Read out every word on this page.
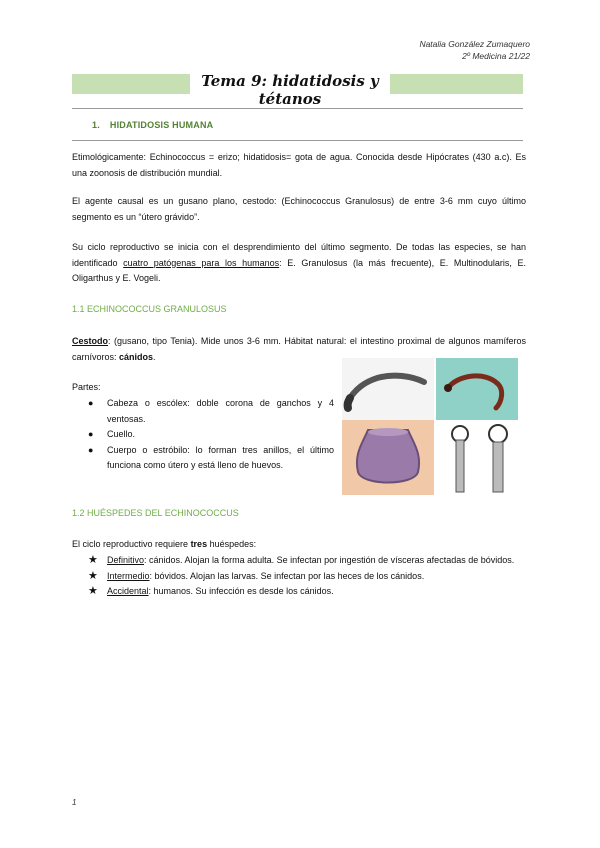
Natalia González Zumaquero
2º Medicina 21/22
Tema 9: hidatidosis y tétanos
1. HIDATIDOSIS HUMANA
Etimológicamente: Echinococcus = erizo; hidatidosis= gota de agua. Conocida desde Hipócrates (430 a.c). Es una zoonosis de distribución mundial.
El agente causal es un gusano plano, cestodo: (Echinococcus Granulosus) de entre 3-6 mm cuyo último segmento es un “útero grávido”.
Su ciclo reproductivo se inicia con el desprendimiento del último segmento. De todas las especies, se han identificado cuatro patógenas para los humanos: E. Granulosus (la más frecuente), E. Multinodularis, E. Oligarthus y E. Vogeli.
1.1 ECHINOCOCCUS GRANULOSUS
Cestodo: (gusano, tipo Tenia). Mide unos 3-6 mm. Hábitat natural: el intestino proximal de algunos mamíferos carnívoros: cánidos.
Partes:
● Cabeza o escólex: doble corona de ganchos y 4 ventosas.
● Cuello.
● Cuerpo o estróbilo: lo forman tres anillos, el último funciona como útero y está lleno de huevos.
1.2 HUÉSPEDES DEL ECHINOCOCCUS
El ciclo reproductivo requiere tres huéspedes:
★ Definitivo: cánidos. Alojan la forma adulta. Se infectan por ingestión de vísceras afectadas de bóvidos.
★ Intermedio: bóvidos. Alojan las larvas. Se infectan por las heces de los cánidos.
★ Accidental: humanos. Su infección es desde los cánidos.
1
